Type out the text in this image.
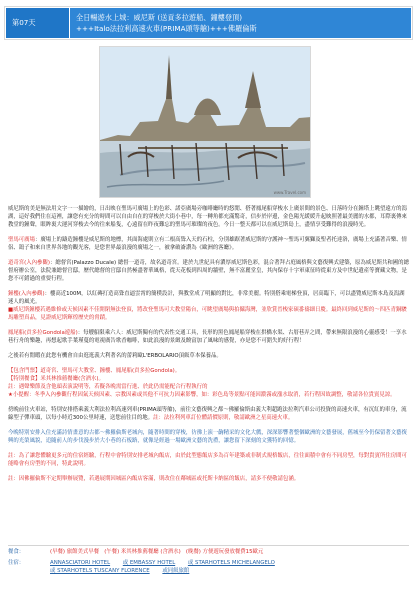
第07天
全日暢遊水上城：威尼斯 (送貢多拉遊船、鐘樓登頂)
+++Italo法拉利高速火車(PRIMA頭等艙)+++佛羅倫斯
www.Travel.com

威尼斯的美是無法用文字一一描繪的，日出映在聖馬可廣場上的色彩、諾亞廣場旁咖啡廳時的悠閒、搭著鳳尾船穿梭水上廣景間的景色、日落時分在鐘塔上眺望遠方的潟湖，這好我們住在這裡，讓您有充分的時間可以自由自在的穿梭於大街小巷中，每一轉角都充滿驚奇，信步於岸邊，金色陽光緩緩升起映照著最美麗的水都，耳際裏傳來教堂的鐘聲，眼眸裏大運河穿梭去今的往來船隻，心遠留在昨夜難忘的聖馬可璀璨的夜色。今日一整天都可以在威尼斯島上，盡情享受難得的浪漫時光。

聖馬可廣場：廣場上的鑄造鐘樓是威尼斯的地標，其面海處則立有二根高聳入天的石柱，分別雄踞著威尼斯的守護神～聖馬可翼獅及聖者托達洛，廣場上充滿著音樂、情侶、鴿子和來自世界各地的觀光客，是您世界最浪漫的廣場之一，被拿破崙讚為《歐洲的客廳》。

道奇宮(入內參觀)：總督宮(Palazzo Ducale) 總督一道奇，故名道奇宮。建於九世紀具有濃厚威尼斯色彩，混合著拜占庭風格與文藝復興式建築，原為威尼斯共和國的總督府辦公室，法院兼總督官邸，歷代總督的官邸自然極盡奢華風格，從天花板到四周的牆壁，無不富麗堂皇，其內保存十字軍東征時從東方及中世紀遺產等寶藏文物，是您不可錯過的重要行程。

鐘樓(入內參觀)：樓高近100M，以紅磚打造高聳直逼雲霄的簡樸設計，與教堂成了明顯的對比，非常美麗。特別搭乘電梯登頂，居高臨下，可以盡覽威尼斯本島及潟湖迷人的風光。
■威尼斯鐘樓若遇維修或天候因素不佳開閉無法登頂，將改登聖馬可大教堂陽台，可眺望廣場與拍攝海灣，並欣賞晉梭家碩番禱細日慶。最終回到威尼斯的～四匹青銅駿馬雕塑真品，見證威尼斯輝煌歷史的脅蹟。

鳳尾船(貢多拉Gondola遊船)：每艘船限乘六人：威尼斯獨有的代表性交通工具，長形的黑色鳳尾船穿梭在拱橋水渠、古厝巷弄之間，帶來無限浪漫的心靈感受！一享水巷行舟的樂趣，再想起歌手葉瑾蔓的電視廣告歌香咖啡，如此浪漫的景緻及饒富加了風味的感覺，亦是您不可錯失的好行程！

之後若有閒暇在此您有機會自由逛逛義大利著名的蕾莉歐L'ERBOLARIO頂級草本保養品。

【包含門票】道奇宮、聖馬可大教堂、鐘樓、鳳尾船(貢多拉Gondola)。
【特別餐食】米其林推薦餐廳(含酒水)。
註：遇聲樂節及含他頭表演說明等，若擬各晚需當行進、於此仍需能配合行程執行的
★小提醒：冬季入內參觀行程因氣天候因素、宗教因素或其他不可抗力因素影響，如：彩色島等景點可能因濃霧或漲水取消，若行程因故調整，敬請各位貴賓見諒。

傍晚前往火車站，特別安排搭乘義大利法拉利高速列車(PRIMA頭等艙)，前往文藝復興之都～佛羅倫斯由義大利超跑法拉利汽車公司投資的高速火車，有沉紅的車身，流線型子彈車頭，以每小時近300公里時速，送您前往目的地。註：法拉利列車訂位體請價原則，敬請歐洲之星高速火車。

今晚特別安排入住充滿詩情畫意的古都～佛羅倫斯老城內，隨著時間的穿梭，彷彿上演一齣精采的文化大戲，深深影響著整個歐洲的文藝發展，舊城至今仍保留著文藝復興的光榮風貌，追隨前人的步伐漫步於大小巷的石板路，就像是經過一場歐洲文藝的洗禮，讓您留下深刻的文獲特的回憶。

註：為了讓您體驗更多元的住宿經驗，行程中會特別安排老城內飯店，由於此型態飯店多為百年建築或非制式規格飯店，往往面積中會有不同房型，每對貴賓所住房間可能略會有房型的不同，特此說明。

註：因佛羅倫斯不定期舉辦展覽，若遇展期因城區內飯店客滿，則改住在鄰城區或托斯卡納區的飯店，請多不便敬請包涵。

餐食：	(早餐) 旅館美式早餐 (午餐) 米其林推薦餐廳 (含酒水) (晚餐) 方便遊玩發放餐費15歐元
住宿：	ANNASCIATORI HOTEL 或 EMBASSY HOTEL 或 STARHOTELS MICHELANGELO
或 STARHOTELS TUSCANY FLORENCE 或同級旅館
